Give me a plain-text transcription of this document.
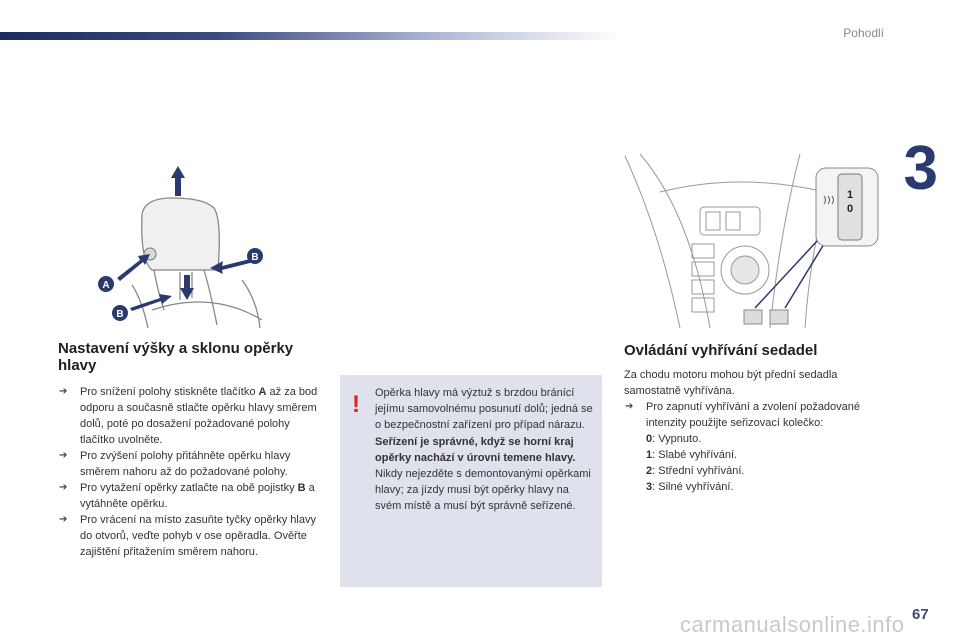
Pohodlí
3
A
B
B
1
0
Nastavení výšky a sklonu opěrky hlavy
➔ Pro snížení polohy stiskněte tlačítko A až za bod odporu a současně stlačte opěrku hlavy směrem dolů, poté po dosažení požadované polohy tlačítko uvolněte.
➔ Pro zvýšení polohy přitáhněte opěrku hlavy směrem nahoru až do požadované polohy.
➔ Pro vytažení opěrky zatlačte na obě pojistky B a vytáhněte opěrku.
➔ Pro vrácení na místo zasuňte tyčky opěrky hlavy do otvorů, veďte pohyb v ose opěradla. Ověřte zajištění přitažením směrem nahoru.
! Opěrka hlavy má výztuž s brzdou bránící jejímu samovolnému posunutí dolů; jedná se o bezpečnostní zařízení pro případ nárazu.
Seřízení je správné, když se horní kraj opěrky nachází v úrovni temene hlavy.
Nikdy nejezděte s demontovanými opěrkami hlavy; za jízdy musí být opěrky hlavy na svém místě a musí být správně seřízené.
Ovládání vyhřívání sedadel

Za chodu motoru mohou být přední sedadla samostatně vyhřívána.

➔ Pro zapnutí vyhřívání a zvolení požadované intenzity použijte seřizovací kolečko:
0: Vypnuto.
1: Slabé vyhřívání.
2: Střední vyhřívání.
3: Silné vyhřívání.
carmanualsonline.info 67
